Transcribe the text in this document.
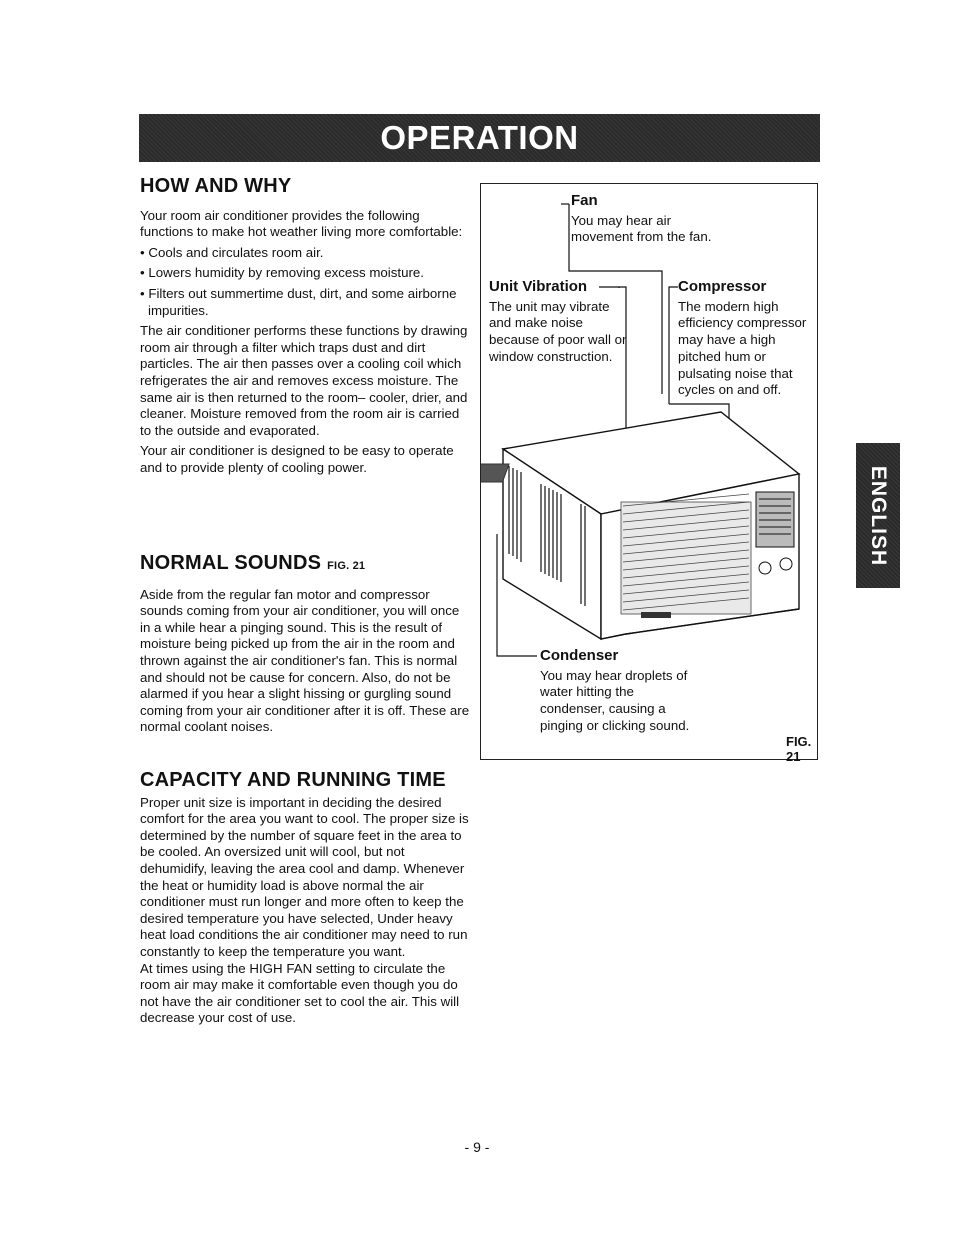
OPERATION
ENGLISH
HOW AND WHY

Your room air conditioner provides the following functions to make hot weather living more comfortable:

• Cools and circulates room air.
• Lowers humidity by removing excess moisture.
• Filters out summertime dust, dirt, and some airborne impurities.

The air conditioner performs these functions by drawing room air through a filter which traps dust and dirt particles. The air then passes over a cooling coil which refrigerates the air and removes excess moisture. The same air is then returned to the room– cooler, drier, and cleaner. Moisture removed from the room air is carried to the outside and evaporated.

Your air conditioner is designed to be easy to operate and to provide plenty of cooling power.

NORMAL SOUNDS FIG. 21

Aside from the regular fan motor and compressor sounds coming from your air conditioner, you will once in a while hear a pinging sound. This is the result of moisture being picked up from the air in the room and thrown against the air conditioner's fan. This is normal and should not be cause for concern. Also, do not be alarmed if you hear a slight hissing or gurgling sound coming from your air conditioner after it is off. These are normal coolant noises.

CAPACITY AND RUNNING TIME

Proper unit size is important in deciding the desired comfort for the area you want to cool. The proper size is determined by the number of square feet in the area to be cooled. An oversized unit will cool, but not dehumidify, leaving the area cool and damp. Whenever the heat or humidity load is above normal the air conditioner must run longer and more often to keep the desired temperature you have selected, Under heavy heat load conditions the air conditioner may need to run constantly to keep the temperature you want.

At times using the HIGH FAN setting to circulate the room air may make it comfortable even though you do not have the air conditioner set to cool the air. This will decrease your cost of use.

Fan
You may hear air movement from the fan.
Unit Vibration
The unit may vibrate and make noise because of poor wall or window construction.
Compressor
The modern high efficiency compressor may have a high pitched hum or pulsating noise that cycles on and off.
Condenser
You may hear droplets of water hitting the condenser, causing a pinging or clicking sound.
FIG. 21
- 9 -
